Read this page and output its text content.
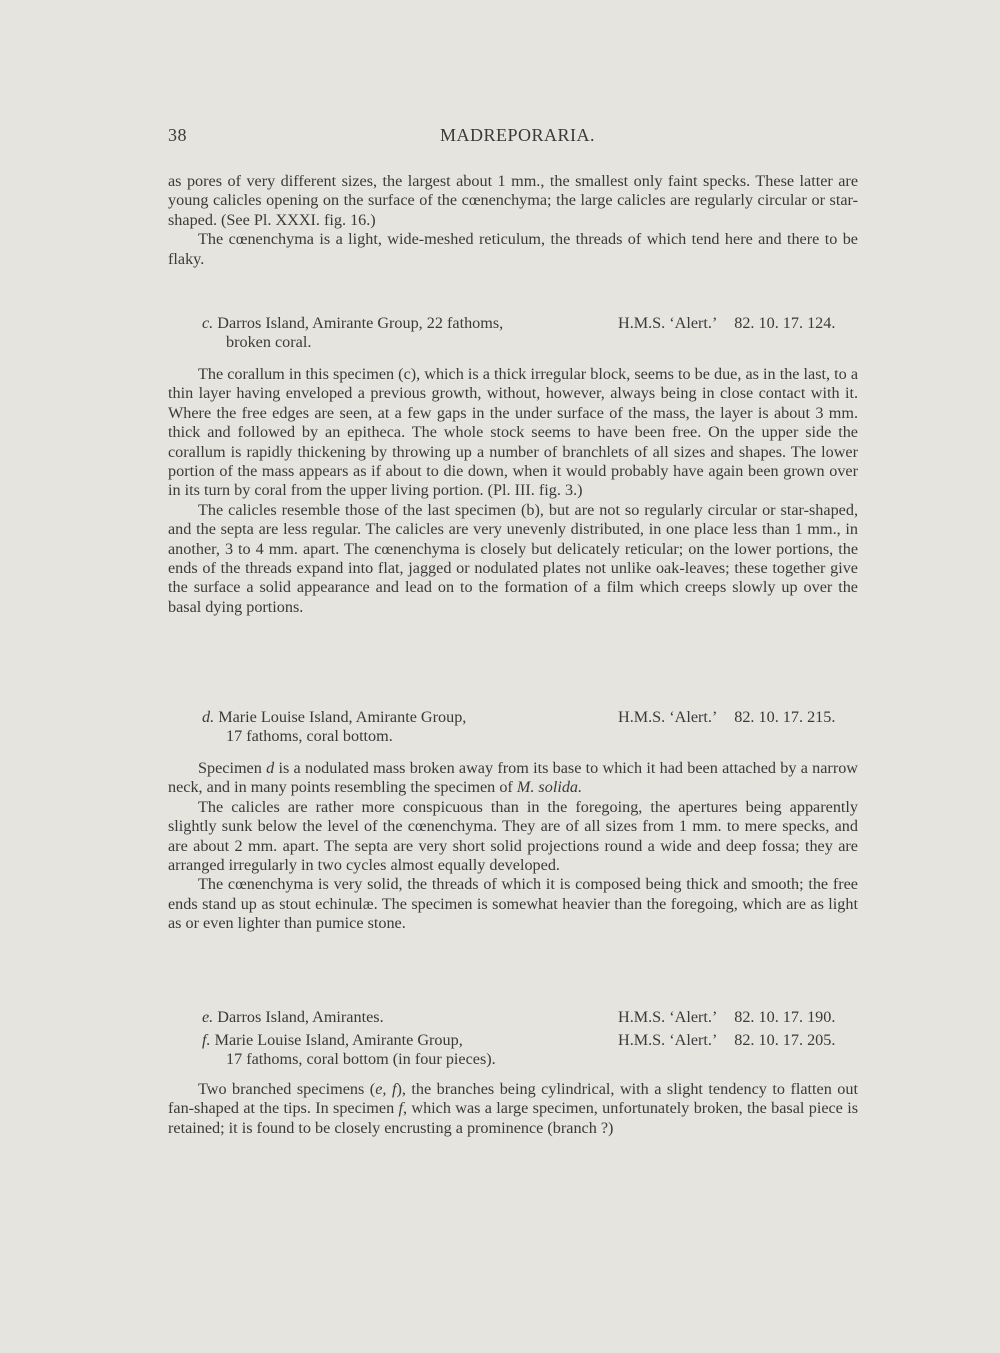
38	MADREPORARIA.

as pores of very different sizes, the largest about 1 mm., the smallest only faint specks. These latter are young calicles opening on the surface of the cœnenchyma; the large calicles are regularly circular or star-shaped. (See Pl. XXXI. fig. 16.)

The cœnenchyma is a light, wide-meshed reticulum, the threads of which tend here and there to be flaky.

c. Darros Island, Amirante Group, 22 fathoms,
broken coral.
H.M.S. ‘Alert.’ 82. 10. 17. 124.

The corallum in this specimen (c), which is a thick irregular block, seems to be due, as in the last, to a thin layer having enveloped a previous growth, without, however, always being in close contact with it. Where the free edges are seen, at a few gaps in the under surface of the mass, the layer is about 3 mm. thick and followed by an epitheca. The whole stock seems to have been free. On the upper side the corallum is rapidly thickening by throwing up a number of branchlets of all sizes and shapes. The lower portion of the mass appears as if about to die down, when it would probably have again been grown over in its turn by coral from the upper living portion. (Pl. III. fig. 3.)

The calicles resemble those of the last specimen (b), but are not so regularly circular or star-shaped, and the septa are less regular. The calicles are very unevenly distributed, in one place less than 1 mm., in another, 3 to 4 mm. apart. The cœnenchyma is closely but delicately reticular; on the lower portions, the ends of the threads expand into flat, jagged or nodulated plates not unlike oak-leaves; these together give the surface a solid appearance and lead on to the formation of a film which creeps slowly up over the basal dying portions.

d. Marie Louise Island, Amirante Group,
17 fathoms, coral bottom.
H.M.S. ‘Alert.’ 82. 10. 17. 215.

Specimen d is a nodulated mass broken away from its base to which it had been attached by a narrow neck, and in many points resembling the specimen of M. solida.

The calicles are rather more conspicuous than in the foregoing, the apertures being apparently slightly sunk below the level of the cœnenchyma. They are of all sizes from 1 mm. to mere specks, and are about 2 mm. apart. The septa are very short solid projections round a wide and deep fossa; they are arranged irregularly in two cycles almost equally developed.

The cœnenchyma is very solid, the threads of which it is composed being thick and smooth; the free ends stand up as stout echinulæ. The specimen is somewhat heavier than the foregoing, which are as light as or even lighter than pumice stone.

e. Darros Island, Amirantes.	H.M.S. ‘Alert.’ 82. 10. 17. 190.
f. Marie Louise Island, Amirante Group,
17 fathoms, coral bottom (in four pieces).
H.M.S. ‘Alert.’ 82. 10. 17. 205.

Two branched specimens (e, f), the branches being cylindrical, with a slight tendency to flatten out fan-shaped at the tips. In specimen f, which was a large specimen, unfortunately broken, the basal piece is retained; it is found to be closely encrusting a prominence (branch ?)
